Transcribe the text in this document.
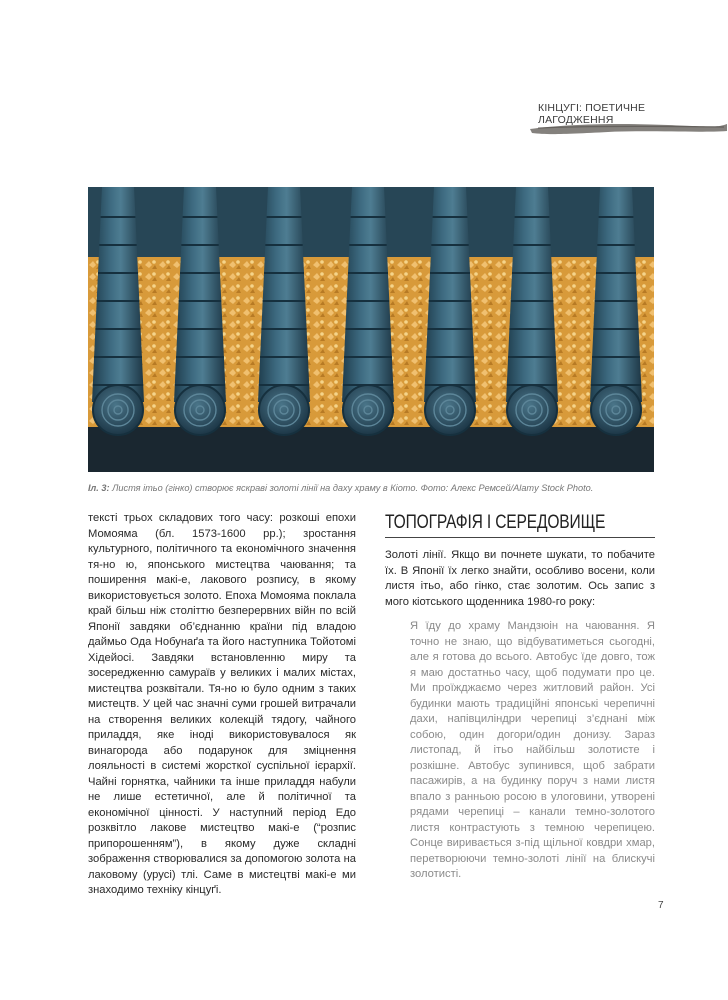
КІНЦУГІ: ПОЕТИЧНЕ ЛАГОДЖЕННЯ
Іл. 3: Листя ітьо (гінко) створює яскраві золоті лінії на даху храму в Кіото. Фото: Алекс Ремсей/Alamy Stock Photo.
тексті трьох складових того часу: розкоші епохи Момояма (бл. 1573-1600 рр.); зростання культурного, політичного та економічного значення тя-но ю, японського мистецтва чаювання; та поширення макі-е, лакового розпису, в якому використовується золото. Епоха Момояма поклала край більш ніж століттю безперервних війн по всій Японії завдяки об’єднанню країни під владою даймьо Ода Нобунаґа та його наступника Тойотомі Хідейосі. Завдяки встановленню миру та зосередженню самураїв у великих і малих містах, мистецтва розквітали. Тя-но ю було одним з таких мистецтв. У цей час значні суми грошей витрачали на створення великих колекцій тядогу, чайного приладдя, яке іноді використовувалося як винагорода або подарунок для зміцнення лояльності в системі жорсткої суспільної ієрархії. Чайні горнятка, чайники та інше приладдя набули не лише естетичної, але й політичної та економічної цінності. У наступний період Едо розквітло лакове мистецтво макі-е (“розпис припорошенням”), в якому дуже складні зображення створювалися за допомогою золота на лаковому (урусі) тлі. Саме в мистецтві макі-е ми знаходимо техніку кінцуґі.
ТОПОГРАФІЯ І СЕРЕДОВИЩЕ
Золоті лінії. Якщо ви почнете шукати, то побачите їх. В Японії їх легко знайти, особливо восени, коли листя ітьо, або гінко, стає золотим. Ось запис з мого кіотського щоденника 1980-го року:
Я їду до храму Мандзюін на чаювання. Я точно не знаю, що відбуватиметься сьогодні, але я готова до всього. Автобус їде довго, тож я маю достатньо часу, щоб подумати про це. Ми проїжджаємо через житловий район. Усі будинки мають традиційні японські черепичні дахи, напівциліндри черепиці з’єднані між собою, один догори/один донизу. Зараз листопад, й ітьо найбільш золотисте і розкішне. Автобус зупинився, щоб забрати пасажирів, а на будинку поруч з нами листя впало з ранньою росою в улоговини, утворені рядами черепиці – канали темно-золотого листя контрастують з темною черепицею. Сонце виривається з-під щільної ковдри хмар, перетворюючи темно-золоті лінії на блискучі золотисті.
7
